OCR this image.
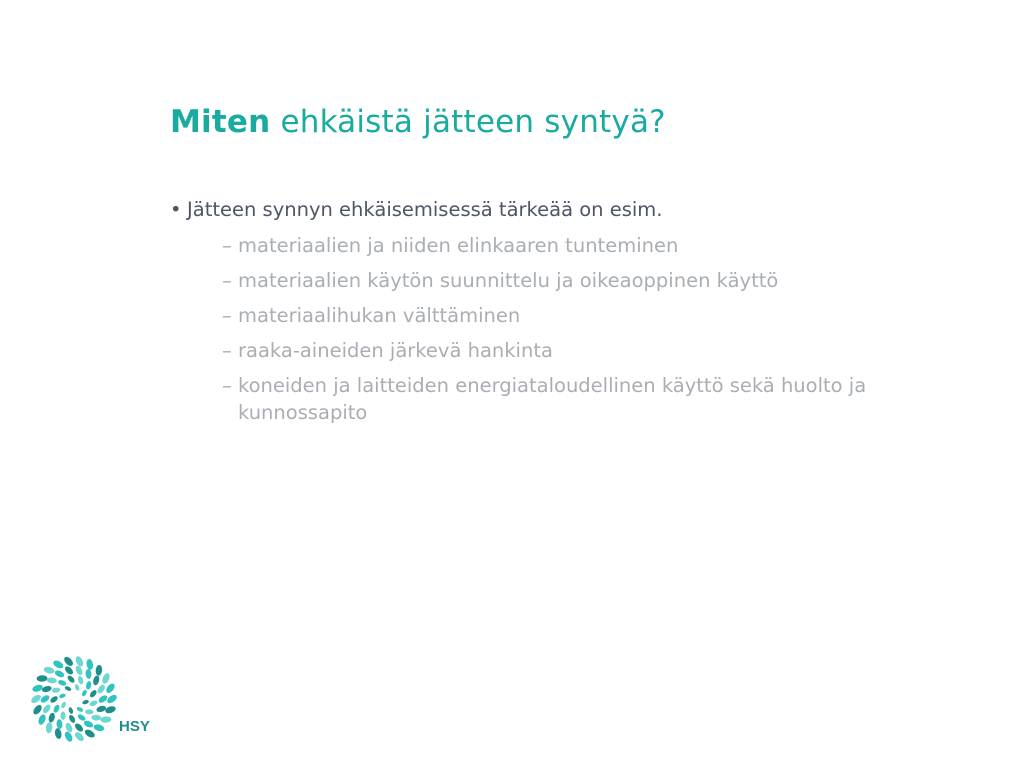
Miten ehkäistä jätteen syntyä?
• Jätteen synnyn ehkäisemisessä tärkeää on esim.
– materiaalien ja niiden elinkaaren tunteminen
– materiaalien käytön suunnittelu ja oikeaoppinen käyttö
– materiaalihukan välttäminen
– raaka-aineiden järkevä hankinta
– koneiden ja laitteiden energiataloudellinen käyttö sekä huolto ja kunnossapito
HSY
